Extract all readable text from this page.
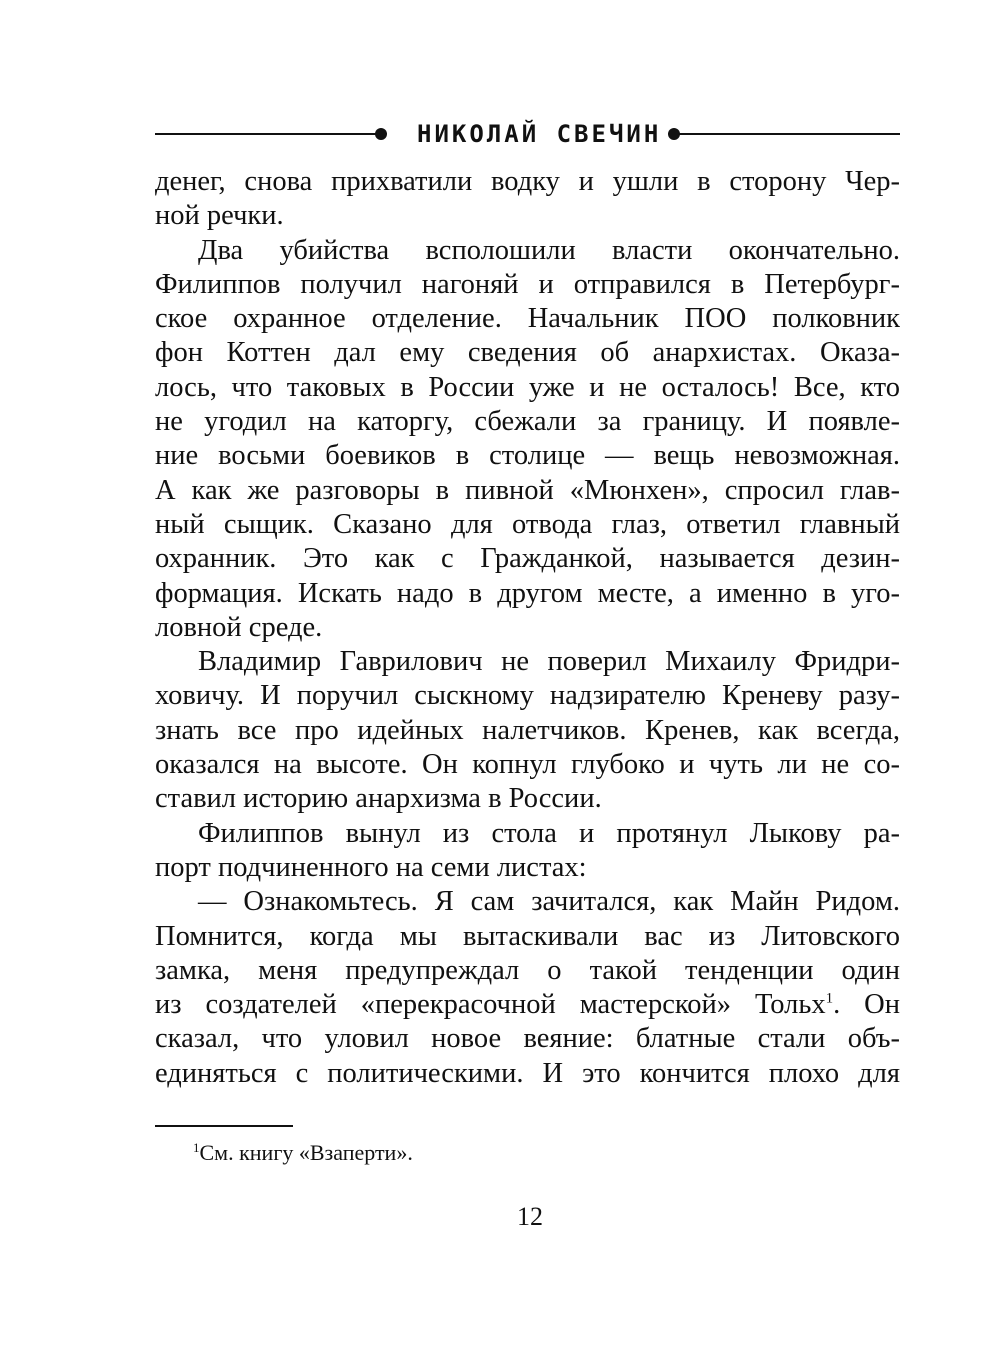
НИКОЛАЙ СВЕЧИН
денег, снова прихватили водку и ушли в сторону Чер-
ной речки.
Два убийства всполошили власти окончательно.
Филиппов получил нагоняй и отправился в Петербург-
ское охранное отделение. Начальник ПОО полковник
фон Коттен дал ему сведения об анархистах. Оказа-
лось, что таковых в России уже и не осталось! Все, кто
не угодил на каторгу, сбежали за границу. И появле-
ние восьми боевиков в столице — вещь невозможная.
А как же разговоры в пивной «Мюнхен», спросил глав-
ный сыщик. Сказано для отвода глаз, ответил главный
охранник. Это как с Гражданкой, называется дезин-
формация. Искать надо в другом месте, а именно в уго-
ловной среде.
Владимир Гаврилович не поверил Михаилу Фридри-
ховичу. И поручил сыскному надзирателю Креневу разу-
знать все про идейных налетчиков. Кренев, как всегда,
оказался на высоте. Он копнул глубоко и чуть ли не со-
ставил историю анархизма в России.
Филиппов вынул из стола и протянул Лыкову ра-
порт подчиненного на семи листах:
— Ознакомьтесь. Я сам зачитался, как Майн Ридом.
Помнится, когда мы вытаскивали вас из Литовского
замка, меня предупреждал о такой тенденции один
из создателей «перекрасочной мастерской» Тольх$^1$. Он
сказал, что уловил новое веяние: блатные стали объ-
единяться с политическими. И это кончится плохо для
$^1$См. книгу «Взаперти».
12
